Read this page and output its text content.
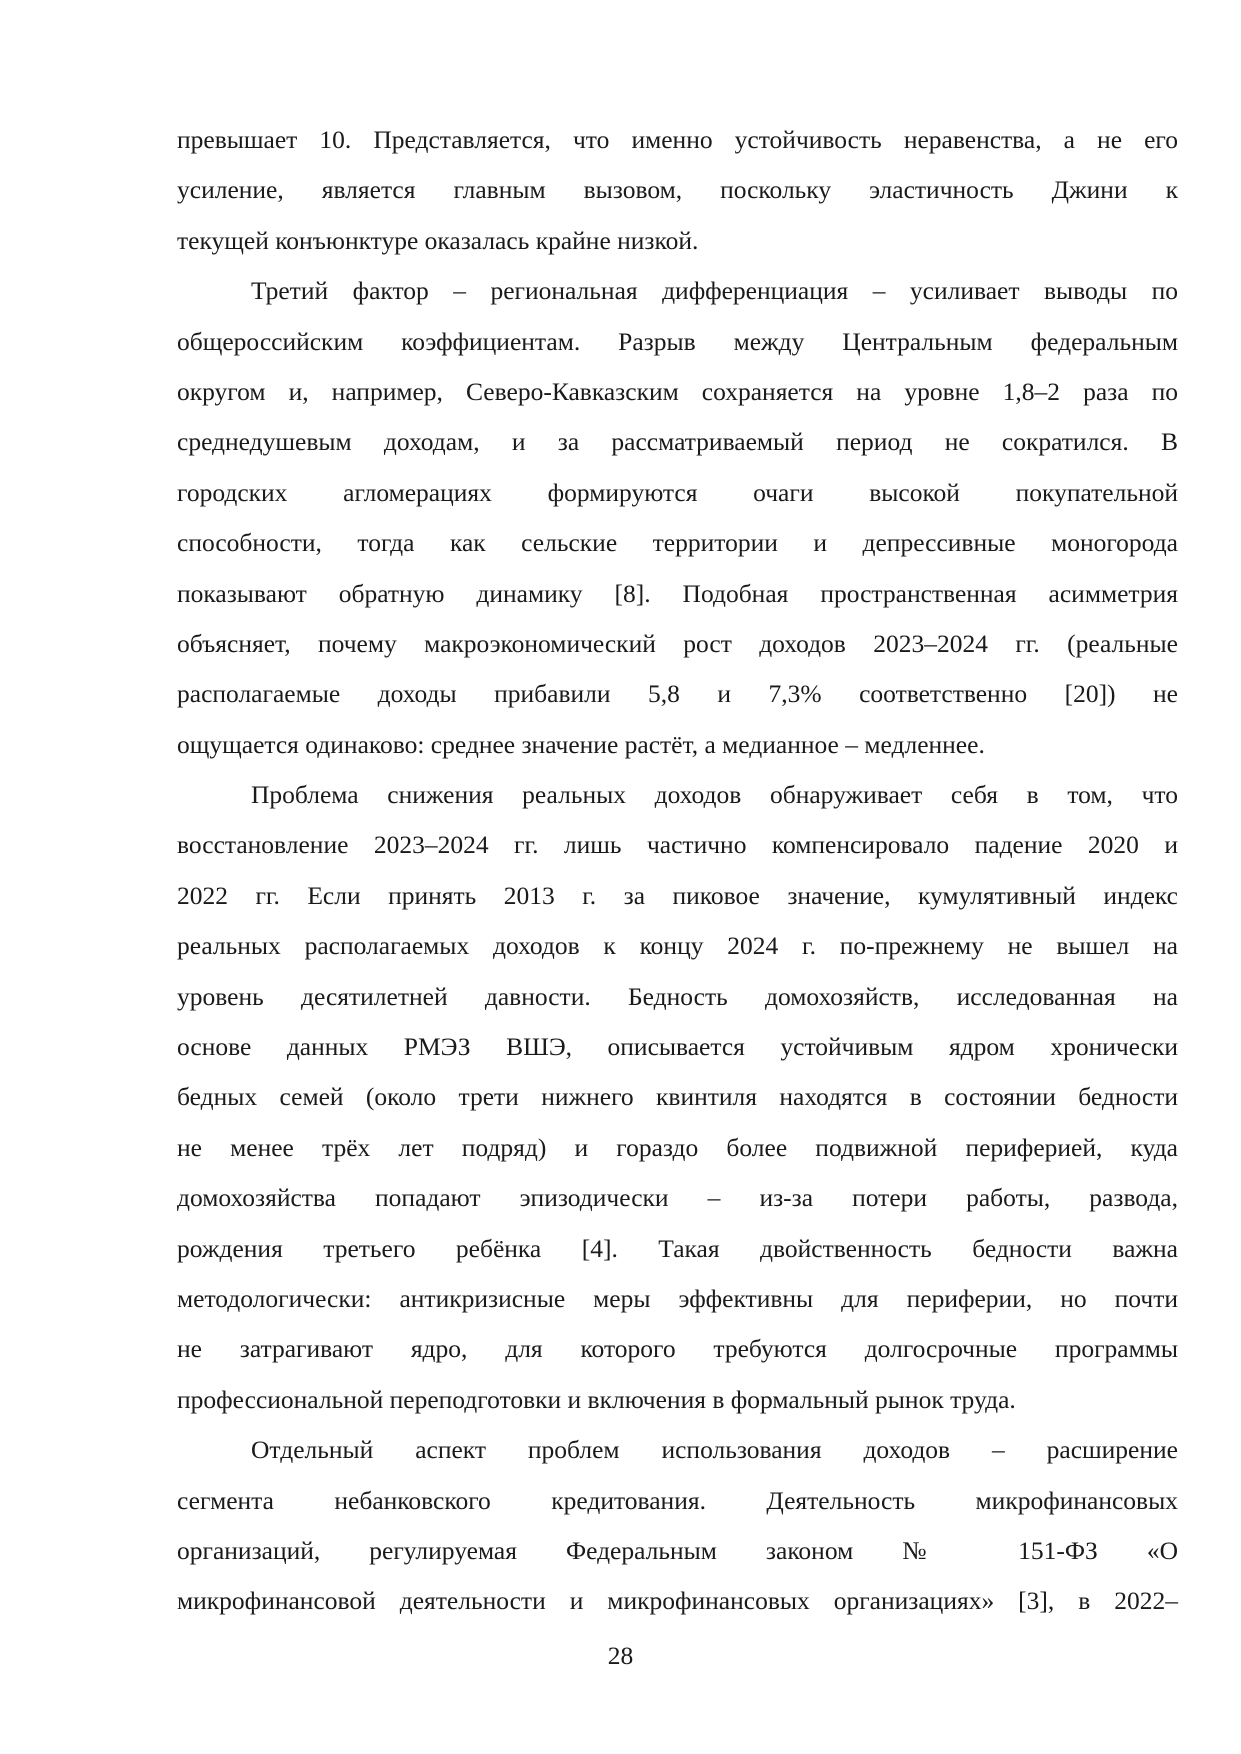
превышает 10. Представляется, что именно устойчивость неравенства, а не его
усиление, является главным вызовом, поскольку эластичность Джини к
текущей конъюнктуре оказалась крайне низкой.
Третий фактор – региональная дифференциация – усиливает выводы по
общероссийским коэффициентам. Разрыв между Центральным федеральным
округом и, например, Северо-Кавказским сохраняется на уровне 1,8–2 раза по
среднедушевым доходам, и за рассматриваемый период не сократился. В
городских агломерациях формируются очаги высокой покупательной
способности, тогда как сельские территории и депрессивные моногорода
показывают обратную динамику [8]. Подобная пространственная асимметрия
объясняет, почему макроэкономический рост доходов 2023–2024 гг. (реальные
располагаемые доходы прибавили 5,8 и 7,3% соответственно [20]) не
ощущается одинаково: среднее значение растёт, а медианное – медленнее.
Проблема снижения реальных доходов обнаруживает себя в том, что
восстановление 2023–2024 гг. лишь частично компенсировало падение 2020 и
2022 гг. Если принять 2013 г. за пиковое значение, кумулятивный индекс
реальных располагаемых доходов к концу 2024 г. по-прежнему не вышел на
уровень десятилетней давности. Бедность домохозяйств, исследованная на
основе данных РМЭЗ ВШЭ, описывается устойчивым ядром хронически
бедных семей (около трети нижнего квинтиля находятся в состоянии бедности
не менее трёх лет подряд) и гораздо более подвижной периферией, куда
домохозяйства попадают эпизодически – из-за потери работы, развода,
рождения третьего ребёнка [4]. Такая двойственность бедности важна
методологически: антикризисные меры эффективны для периферии, но почти
не затрагивают ядро, для которого требуются долгосрочные программы
профессиональной переподготовки и включения в формальный рынок труда.
Отдельный аспект проблем использования доходов – расширение
сегмента небанковского кредитования. Деятельность микрофинансовых
организаций, регулируемая Федеральным законом № 151-ФЗ «О
микрофинансовой деятельности и микрофинансовых организациях» [3], в 2022–
28
